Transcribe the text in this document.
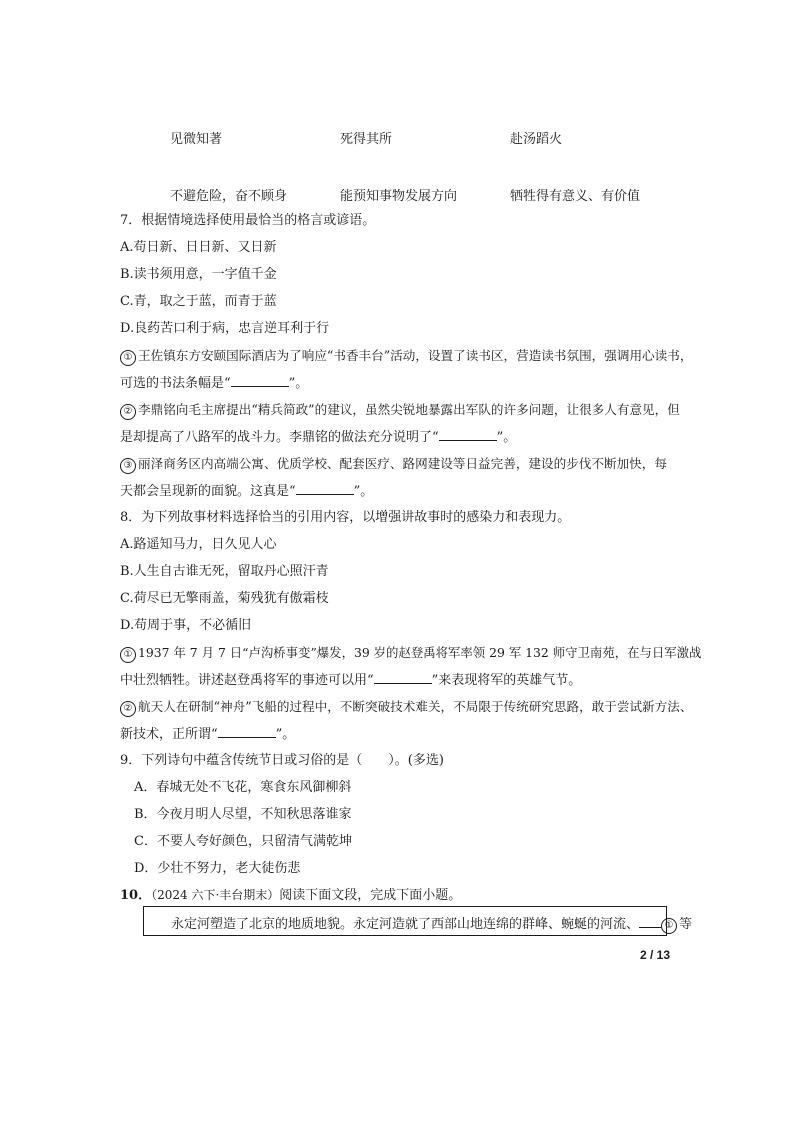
见微知著	死得其所	赴汤蹈火
不避危险，奋不顾身	能预知事物发展方向	牺牲得有意义、有价值
7．根据情境选择使用最恰当的格言或谚语。
A.苟日新、日日新、又日新
B.读书须用意，一字值千金
C.青，取之于蓝，而青于蓝
D.良药苦口利于病，忠言逆耳利于行
① 王佐镇东方安颐国际酒店为了响应“书香丰台”活动，设置了读书区，营造读书氛围，强调用心读书，
可选的书法条幅是“	”。
② 李鼎铭向毛主席提出“精兵简政”的建议，虽然尖锐地暴露出军队的许多问题，让很多人有意见，但
是却提高了八路军的战斗力。李鼎铭的做法充分说明了“	”。
③ 丽泽商务区内高端公寓、优质学校、配套医疗、路网建设等日益完善，建设的步伐不断加快，每
天都会呈现新的面貌。这真是“	”。
8．为下列故事材料选择恰当的引用内容，以增强讲故事时的感染力和表现力。
A.路遥知马力，日久见人心
B.人生自古谁无死，留取丹心照汗青
C.荷尽已无擎雨盖，菊残犹有傲霜枝
D.苟周于事，不必循旧
① 1937 年 7 月 7 日“卢沟桥事变”爆发，39 岁的赵登禹将军率领 29 军 132 师守卫南苑，在与日军激战
中壮烈牺牲。讲述赵登禹将军的事迹可以用“	”来表现将军的英雄气节。
② 航天人在研制“神舟”飞船的过程中，不断突破技术难关，不局限于传统研究思路，敢于尝试新方法、
新技术，正所谓“	”。
9．下列诗句中蕴含传统节日或习俗的是（　　）。(多选)
A．春城无处不飞花，寒食东风御柳斜
B．今夜月明人尽望，不知秋思落谁家
C．不要人夸好颜色，只留清气满乾坤
D．少壮不努力，老大徒伤悲
10．（2024 六下·丰台期末）阅读下面文段，完成下面小题。
永定河塑造了北京的地质地貌。永定河造就了西部山地连绵的群峰、蜿蜒的河流、	① 等
2 / 13
